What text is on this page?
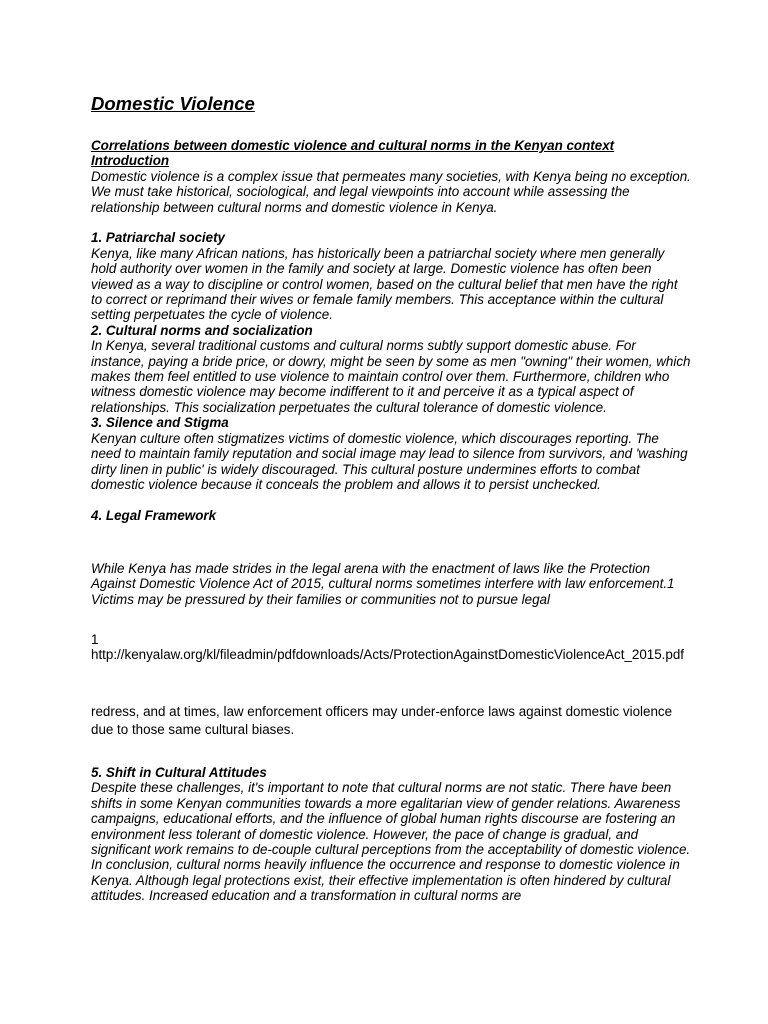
Domestic Violence

Correlations between domestic violence and cultural norms in the Kenyan context

Introduction

Domestic violence is a complex issue that permeates many societies, with Kenya being no exception. We must take historical, sociological, and legal viewpoints into account while assessing the relationship between cultural norms and domestic violence in Kenya.

1. Patriarchal society

Kenya, like many African nations, has historically been a patriarchal society where men generally hold authority over women in the family and society at large. Domestic violence has often been viewed as a way to discipline or control women, based on the cultural belief that men have the right to correct or reprimand their wives or female family members. This acceptance within the cultural setting perpetuates the cycle of violence.

2. Cultural norms and socialization

In Kenya, several traditional customs and cultural norms subtly support domestic abuse. For instance, paying a bride price, or dowry, might be seen by some as men "owning" their women, which makes them feel entitled to use violence to maintain control over them. Furthermore, children who witness domestic violence may become indifferent to it and perceive it as a typical aspect of relationships. This socialization perpetuates the cultural tolerance of domestic violence.

3. Silence and Stigma

Kenyan culture often stigmatizes victims of domestic violence, which discourages reporting. The need to maintain family reputation and social image may lead to silence from survivors, and 'washing dirty linen in public' is widely discouraged. This cultural posture undermines efforts to combat domestic violence because it conceals the problem and allows it to persist unchecked.

4. Legal Framework

While Kenya has made strides in the legal arena with the enactment of laws like the Protection Against Domestic Violence Act of 2015, cultural norms sometimes interfere with law enforcement.1 Victims may be pressured by their families or communities not to pursue legal

1

http://kenyalaw.org/kl/fileadmin/pdfdownloads/Acts/ProtectionAgainstDomesticViolenceAct_2015.pdf

redress, and at times, law enforcement officers may under-enforce laws against domestic violence due to those same cultural biases.

5. Shift in Cultural Attitudes

Despite these challenges, it's important to note that cultural norms are not static. There have been shifts in some Kenyan communities towards a more egalitarian view of gender relations. Awareness campaigns, educational efforts, and the influence of global human rights discourse are fostering an environment less tolerant of domestic violence. However, the pace of change is gradual, and significant work remains to de-couple cultural perceptions from the acceptability of domestic violence.

In conclusion, cultural norms heavily influence the occurrence and response to domestic violence in Kenya. Although legal protections exist, their effective implementation is often hindered by cultural attitudes. Increased education and a transformation in cultural norms are
